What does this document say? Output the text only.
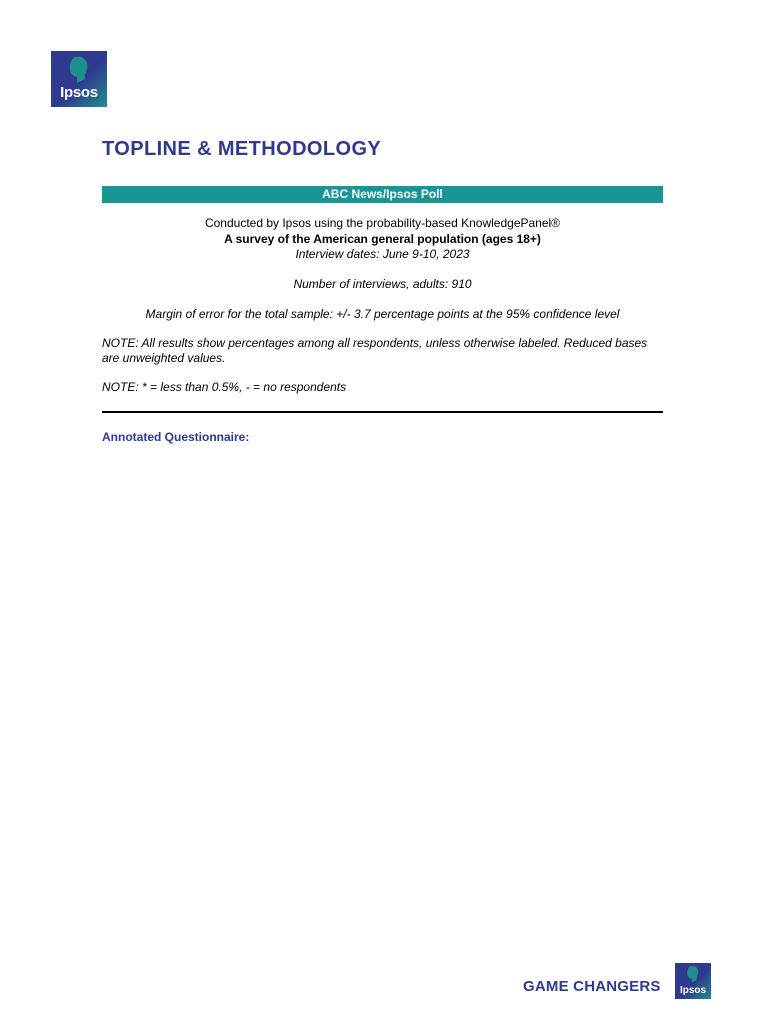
Ipsos
TOPLINE & METHODOLOGY
ABC News/Ipsos Poll
Conducted by Ipsos using the probability-based KnowledgePanel®
A survey of the American general population (ages 18+)
Interview dates: June 9-10, 2023
Number of interviews, adults: 910
Margin of error for the total sample: +/- 3.7 percentage points at the 95% confidence level
NOTE: All results show percentages among all respondents, unless otherwise labeled. Reduced bases are unweighted values.
NOTE: * = less than 0.5%, - = no respondents
Annotated Questionnaire:
GAME CHANGERS	Ipsos
